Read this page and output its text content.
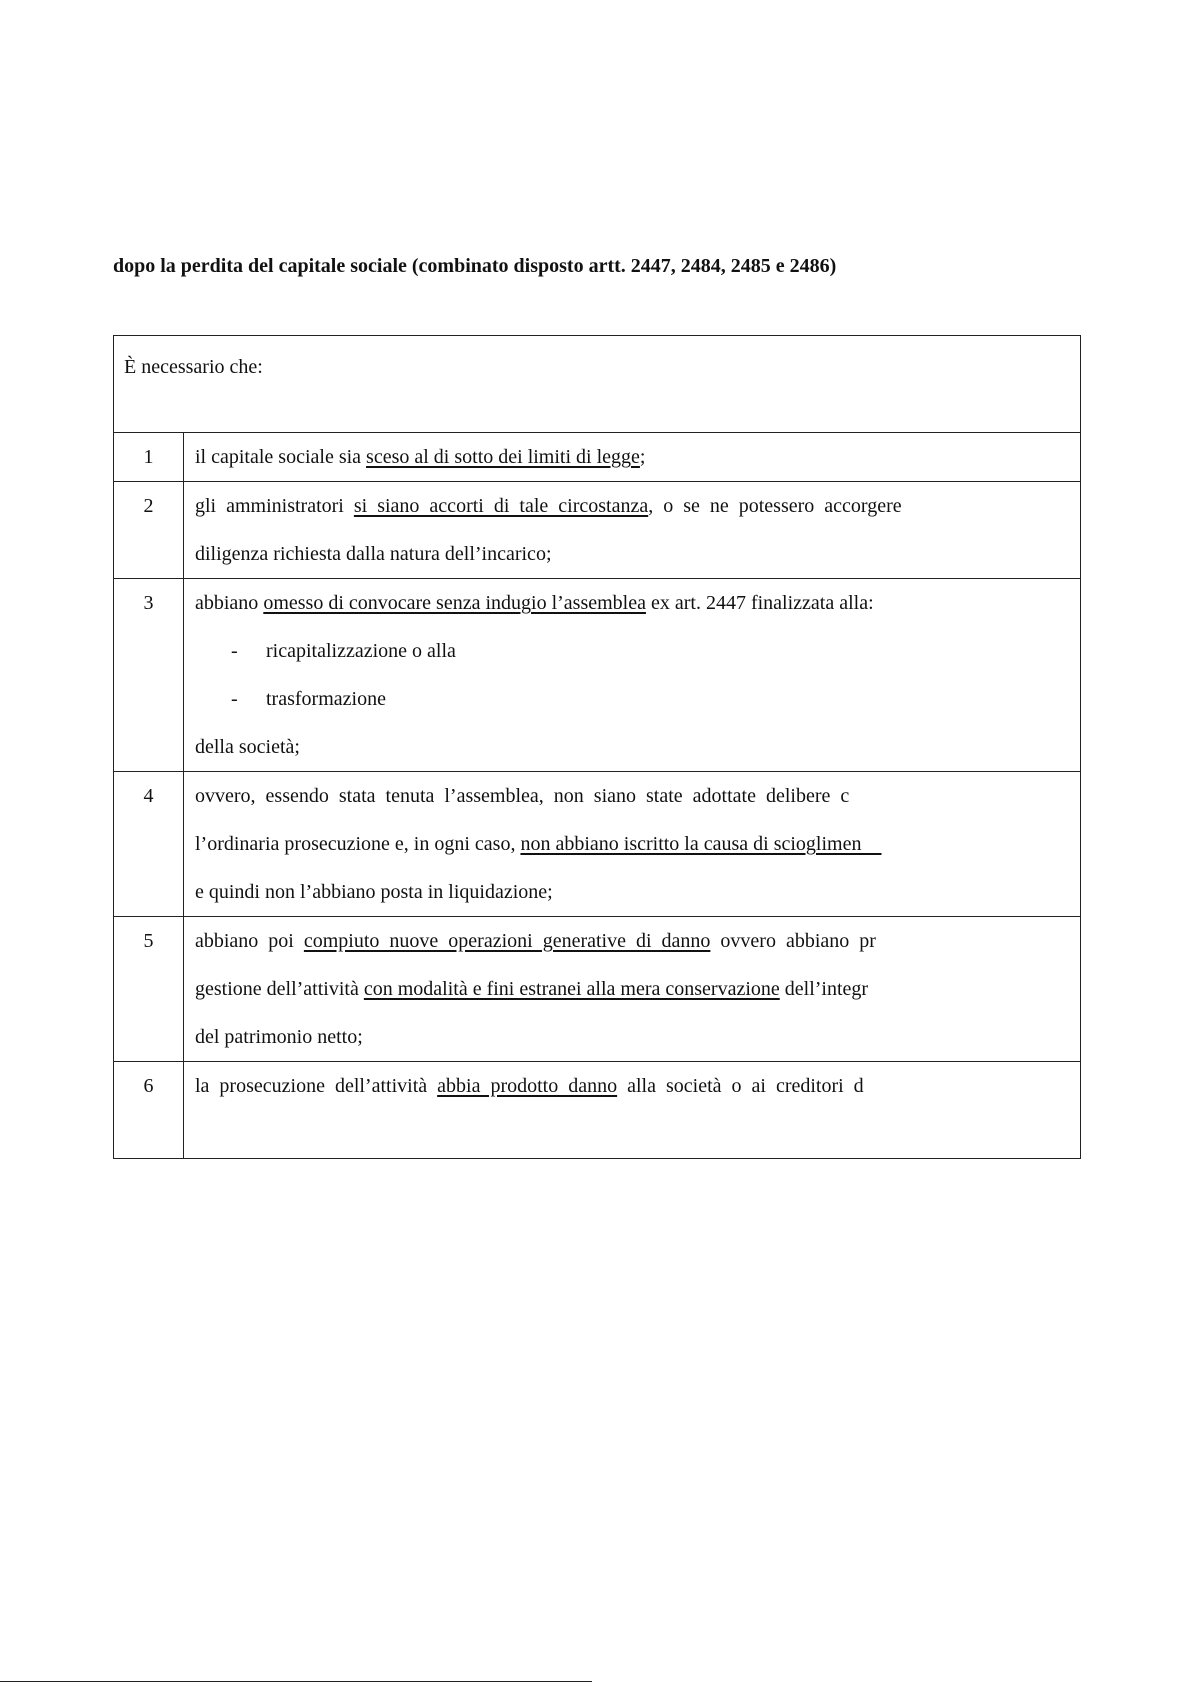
dopo la perdita del capitale sociale (combinato disposto artt. 2447, 2484, 2485 e 2486)
È necessario che:
1	il capitale sociale sia sceso al di sotto dei limiti di legge;
2	gli  amministratori  si  siano  accorti  di  tale  circostanza,  o  se  ne  potessero  accorgere
diligenza richiesta dalla natura dell’incarico;
3	abbiano omesso di convocare senza indugio l’assemblea ex art. 2447 finalizzata alla:
- ricapitalizzazione o alla
- trasformazione
della società;
4	ovvero,  essendo  stata  tenuta  l’assemblea,  non  siano  state  adottate  delibere  c
l’ordinaria prosecuzione e, in ogni caso, non abbiano iscritto la causa di scioglimen
e quindi non l’abbiano posta in liquidazione;
5	abbiano  poi  compiuto  nuove  operazioni  generative  di  danno  ovvero  abbiano  pr
gestione dell’attività con modalità e fini estranei alla mera conservazione dell’integr
del patrimonio netto;
6	la  prosecuzione  dell’attività  abbia  prodotto  danno  alla  società  o  ai  creditori  d
